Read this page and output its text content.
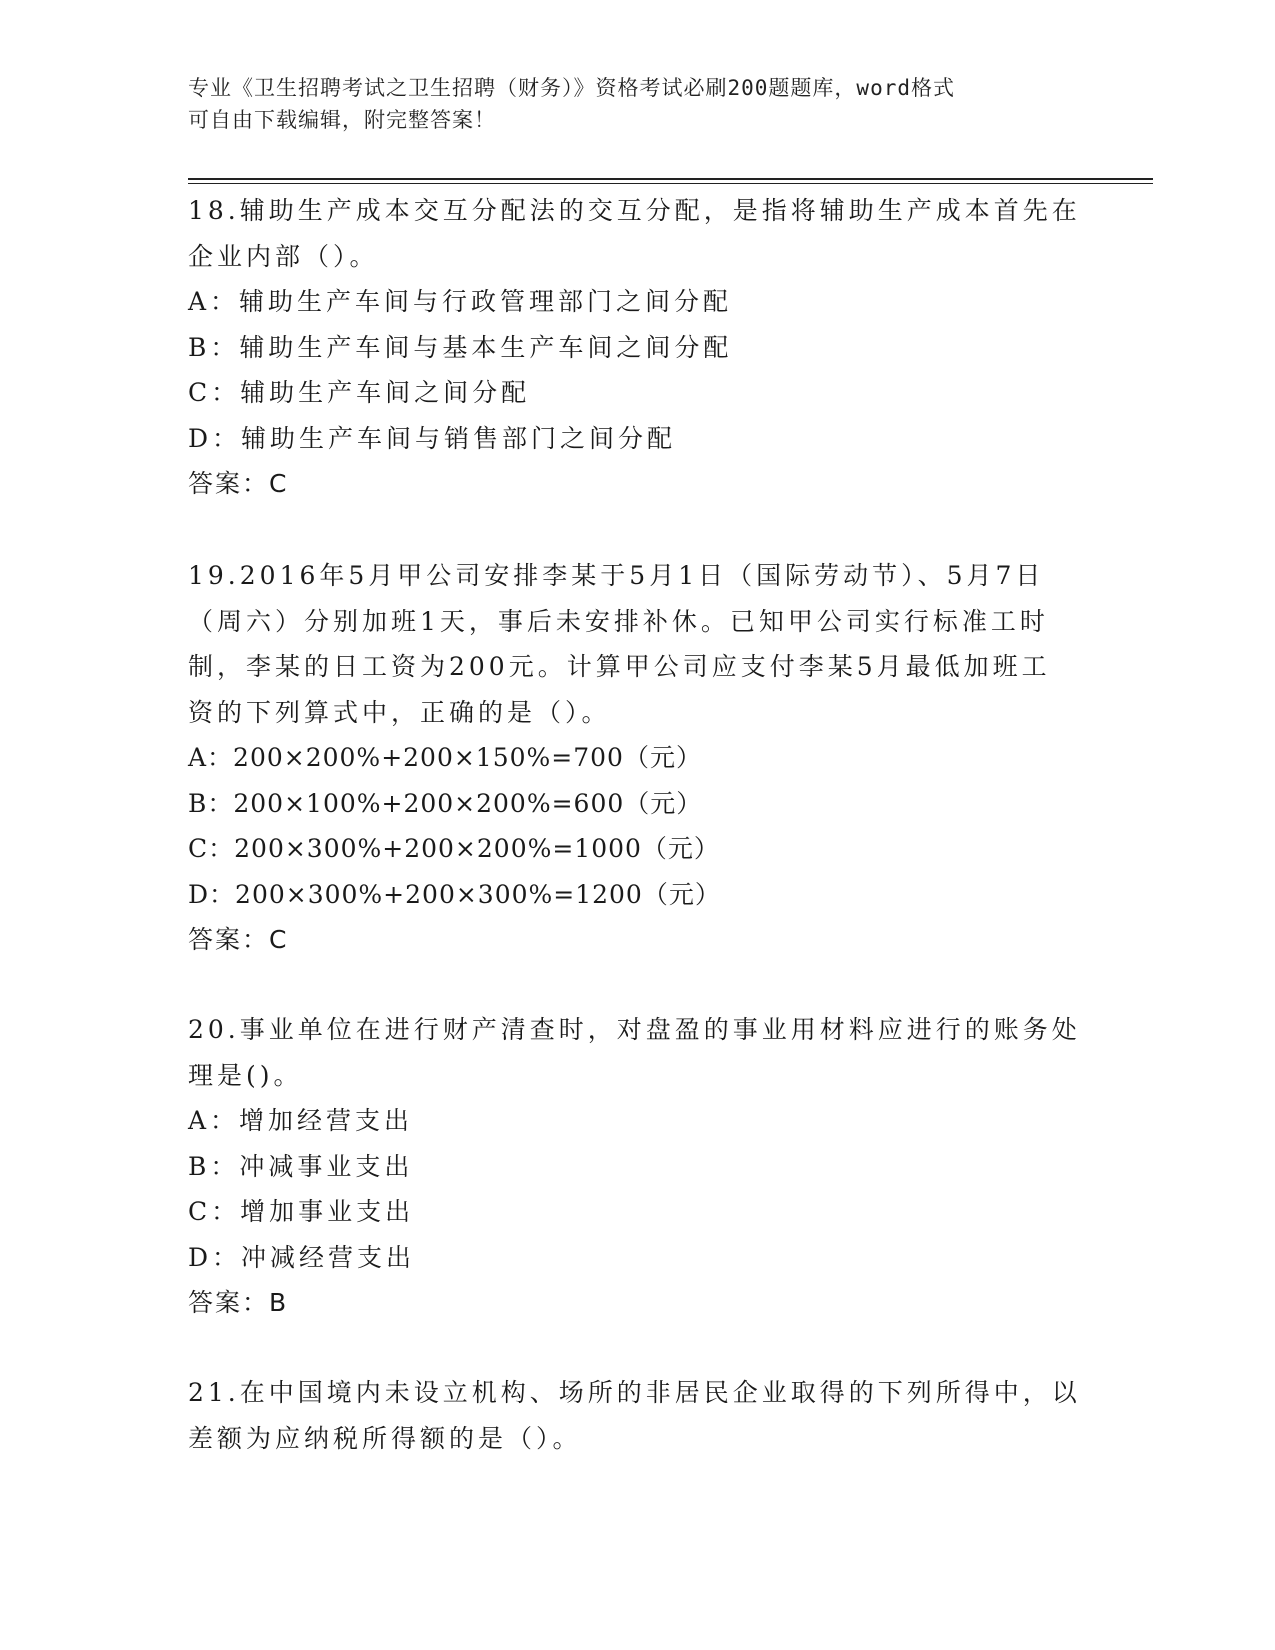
专业《卫生招聘考试之卫生招聘（财务）》资格考试必刷200题题库，word格式
可自由下载编辑，附完整答案！
18.辅助生产成本交互分配法的交互分配，是指将辅助生产成本首先在
企业内部（）。
A：辅助生产车间与行政管理部门之间分配
B：辅助生产车间与基本生产车间之间分配
C：辅助生产车间之间分配
D：辅助生产车间与销售部门之间分配
答案：C
19.2016年5月甲公司安排李某于5月1日（国际劳动节）、5月7日
（周六）分别加班1天，事后未安排补休。已知甲公司实行标准工时
制，李某的日工资为200元。计算甲公司应支付李某5月最低加班工
资的下列算式中，正确的是（）。
A：200×200%+200×150%=700（元）
B：200×100%+200×200%=600（元）
C：200×300%+200×200%=1000（元）
D：200×300%+200×300%=1200（元）
答案：C
20.事业单位在进行财产清查时，对盘盈的事业用材料应进行的账务处
理是()。
A：增加经营支出
B：冲减事业支出
C：增加事业支出
D：冲减经营支出
答案：B
21.在中国境内未设立机构、场所的非居民企业取得的下列所得中，以
差额为应纳税所得额的是（）。
